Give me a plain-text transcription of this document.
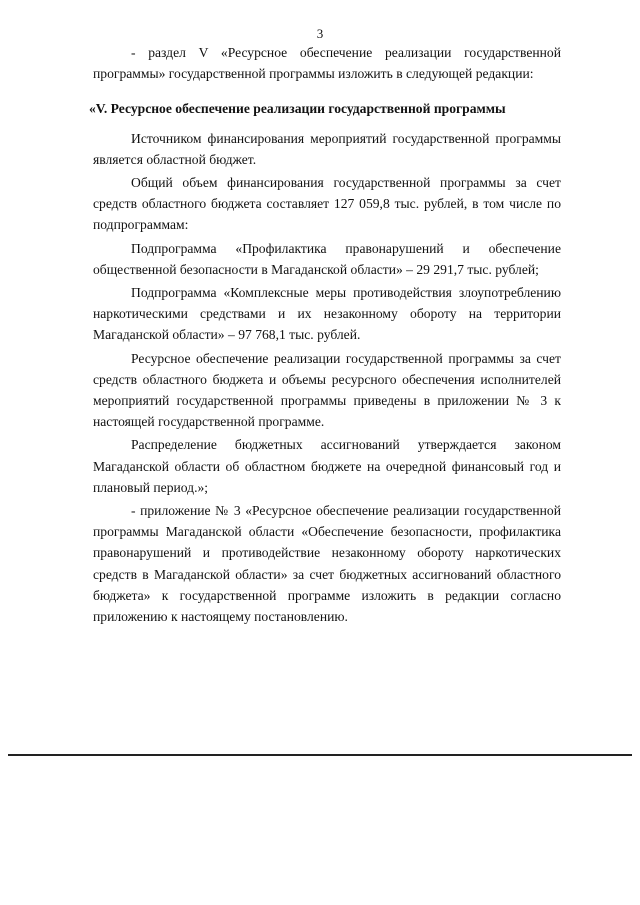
3

- раздел V «Ресурсное обеспечение реализации государственной программы» государственной программы изложить в следующей редакции:

«V. Ресурсное обеспечение реализации государственной программы

Источником финансирования мероприятий государственной программы является областной бюджет.

Общий объем финансирования государственной программы за счет средств областного бюджета составляет 127 059,8 тыс. рублей, в том числе по подпрограммам:

Подпрограмма «Профилактика правонарушений и обеспечение общественной безопасности в Магаданской области» – 29 291,7 тыс. рублей;

Подпрограмма «Комплексные меры противодействия злоупотреблению наркотическими средствами и их незаконному обороту на территории Магаданской области» – 97 768,1 тыс. рублей.

Ресурсное обеспечение реализации государственной программы за счет средств областного бюджета и объемы ресурсного обеспечения исполнителей мероприятий государственной программы приведены в приложении № 3 к настоящей государственной программе.

Распределение бюджетных ассигнований утверждается законом Магаданской области об областном бюджете на очередной финансовый год и плановый период.»;

- приложение № 3 «Ресурсное обеспечение реализации государственной программы Магаданской области «Обеспечение безопасности, профилактика правонарушений и противодействие незаконному обороту наркотических средств в Магаданской области» за счет бюджетных ассигнований областного бюджета» к государственной программе изложить в редакции согласно приложению к настоящему постановлению.
